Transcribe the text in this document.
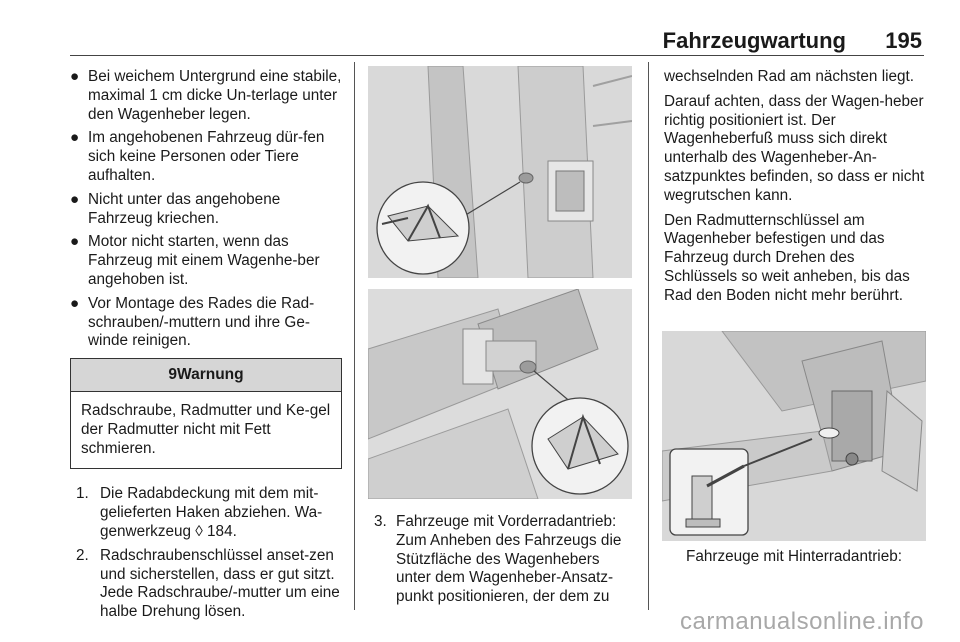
Fahrzeugwartung 195
● Bei weichem Untergrund eine stabile, maximal 1 cm dicke Un-terlage unter den Wagenheber legen.
● Im angehobenen Fahrzeug dür-fen sich keine Personen oder Tiere aufhalten.
● Nicht unter das angehobene Fahrzeug kriechen.
● Motor nicht starten, wenn das Fahrzeug mit einem Wagenhe-ber angehoben ist.
● Vor Montage des Rades die Rad-schrauben/-muttern und ihre Ge-winde reinigen.
9Warnung
Radschraube, Radmutter und Ke-gel der Radmutter nicht mit Fett schmieren.
1. Die Radabdeckung mit dem mit-gelieferten Haken abziehen. Wa-genwerkzeug ◊ 184.
2. Radschraubenschlüssel anset-zen und sicherstellen, dass er gut sitzt. Jede Radschraube/-mutter um eine halbe Drehung lösen.
3. Fahrzeuge mit Vorderradantrieb:
Zum Anheben des Fahrzeugs die Stützfläche des Wagenhebers unter dem Wagenheber-Ansatz-punkt positionieren, der dem zu

wechselnden Rad am nächsten liegt.

Darauf achten, dass der Wagen-heber richtig positioniert ist. Der Wagenheberfuß muss sich direkt unterhalb des Wagenheber-An-satzpunktes befinden, so dass er nicht wegrutschen kann.

Den Radmutternschlüssel am Wagenheber befestigen und das Fahrzeug durch Drehen des Schlüssels so weit anheben, bis das Rad den Boden nicht mehr berührt.

Fahrzeuge mit Hinterradantrieb:
carmanualsonline.info
